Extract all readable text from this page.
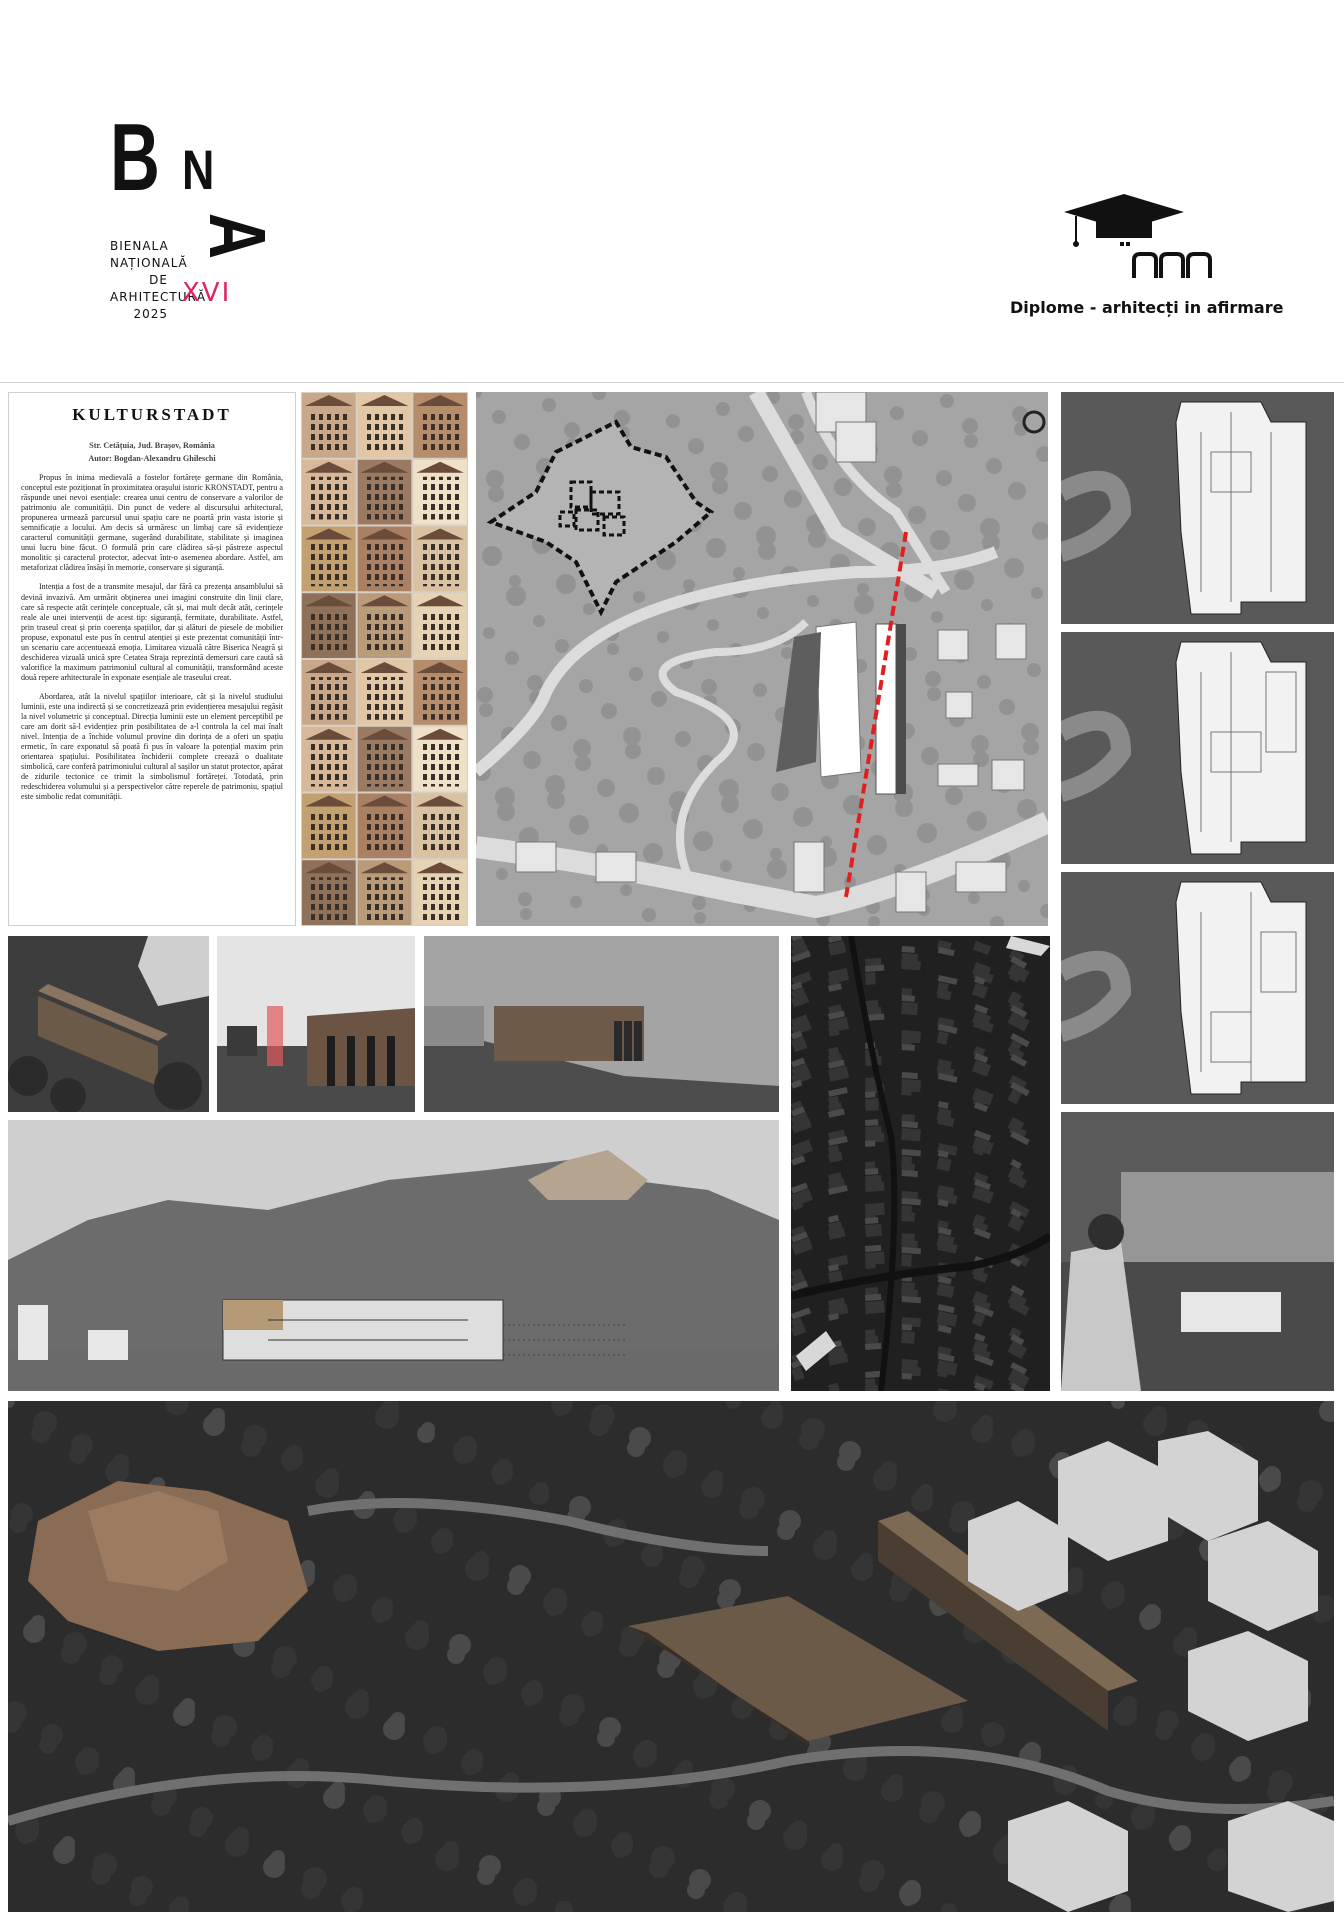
B N
A
BIENALA
NAȚIONALĂ
DE
ARHITECTURĂ
2025
XVI	Diplome - arhitecți in afirmare
KULTURSTADT
Str. Cetățuia, Jud. Brașov, România
Autor: Bogdan-Alexandru Ghileschi

Propus în inima medievală a fostelor fortărețe germane din România, conceptul este poziționat în proximitatea orașului istoric KRONSTADT, pentru a răspunde unei nevoi esențiale: crearea unui centru de conservare a valorilor de patrimoniu ale comunității. Din punct de vedere al discursului arhitectural, propunerea urmează parcursul unui spațiu care ne poartă prin vasta istorie și semnificație a locului. Am decis să urmăresc un limbaj care să evidențieze caracterul comunității germane, sugerând durabilitate, stabilitate și imaginea unui lucru bine făcut. O formulă prin care clădirea să-și păstreze aspectul monolitic și caracterul protector, adecvat într-o asemenea abordare. Astfel, am metaforizat clădirea însăși în memorie, conservare și siguranță.

Intenția a fost de a transmite mesajul, dar fără ca prezența ansamblului să devină invazivă. Am urmărit obținerea unei imagini construite din linii clare, care să respecte atât cerințele conceptuale, cât și, mai mult decât atât, cerințele reale ale unei intervenții de acest tip: siguranță, fermitate, durabilitate. Astfel, prin traseul creat și prin coerența spațiilor, dar și alături de piesele de mobilier propuse, exponatul este pus în centrul atenției și este prezentat comunității într-un scenariu care accentuează emoția. Limitarea vizuală către Biserica Neagră și deschiderea vizuală unică spre Cetatea Straja reprezintă demersuri care caută să valorifice la maximum patrimoniul cultural al comunității, transformând aceste două repere arhitecturale în exponate esențiale ale traseului creat.

Abordarea, atât la nivelul spațiilor interioare, cât și la nivelul studiului luminii, este una indirectă și se concretizează prin evidențierea mesajului regăsit la nivel volumetric și conceptual. Direcția luminii este un element perceptibil pe care am dorit să-l evidențiez prin posibilitatea de a-l controla la cel mai înalt nivel. Intenția de a închide volumul provine din dorința de a oferi un spațiu ermetic, în care exponatul să poată fi pus în valoare la potențial maxim prin orientarea spațiului. Posibilitatea închiderii complete creează o dualitate simbolică, care conferă patrimoniului cultural al sașilor un statut protector, apărat de zidurile tectonice ce trimit la simbolismul fortăreței. Totodată, prin redeschiderea volumului și a perspectivelor către reperele de patrimoniu, spațiul este simbolic redat comunității.
